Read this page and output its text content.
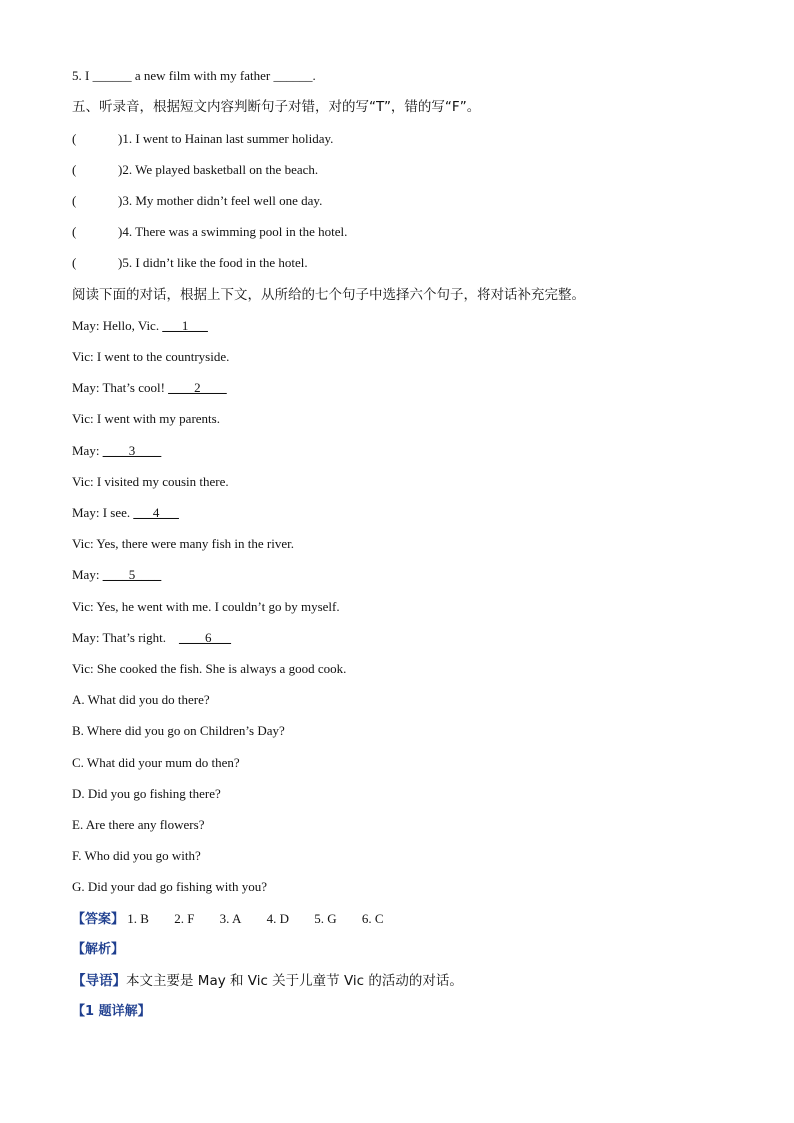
5. I ______ a new film with my father ______.
五、听录音，根据短文内容判断句子对错，对的写“T”，错的写“F”。
(	)1. I went to Hainan last summer holiday.
(	)2. We played basketball on the beach.
(	)3. My mother didn’t feel well one day.
(	)4. There was a swimming pool in the hotel.
(	)5. I didn’t like the food in the hotel.
阅读下面的对话，根据上下文，从所给的七个句子中选择六个句子，将对话补充完整。
May: Hello, Vic. ___1___
Vic: I went to the countryside.
May: That’s cool! ____2____
Vic: I went with my parents.
May: ____3____
Vic: I visited my cousin there.
May: I see. ___4___
Vic: Yes, there were many fish in the river.
May: ____5____
Vic: Yes, he went with me. I couldn’t go by myself.
May: That’s right.    ____6___
Vic: She cooked the fish. She is always a good cook.
A. What did you do there?
B. Where did you go on Children’s Day?
C. What did your mum do then?
D. Did you go fishing there?
E. Are there any flowers?
F. Who did you go with?
G. Did your dad go fishing with you?
【答案】 1. B 2. F 3. A 4. D 5. G 6. C
【解析】
【导语】本文主要是 May 和 Vic 关于儿童节 Vic 的活动的对话。
【1 题详解】
